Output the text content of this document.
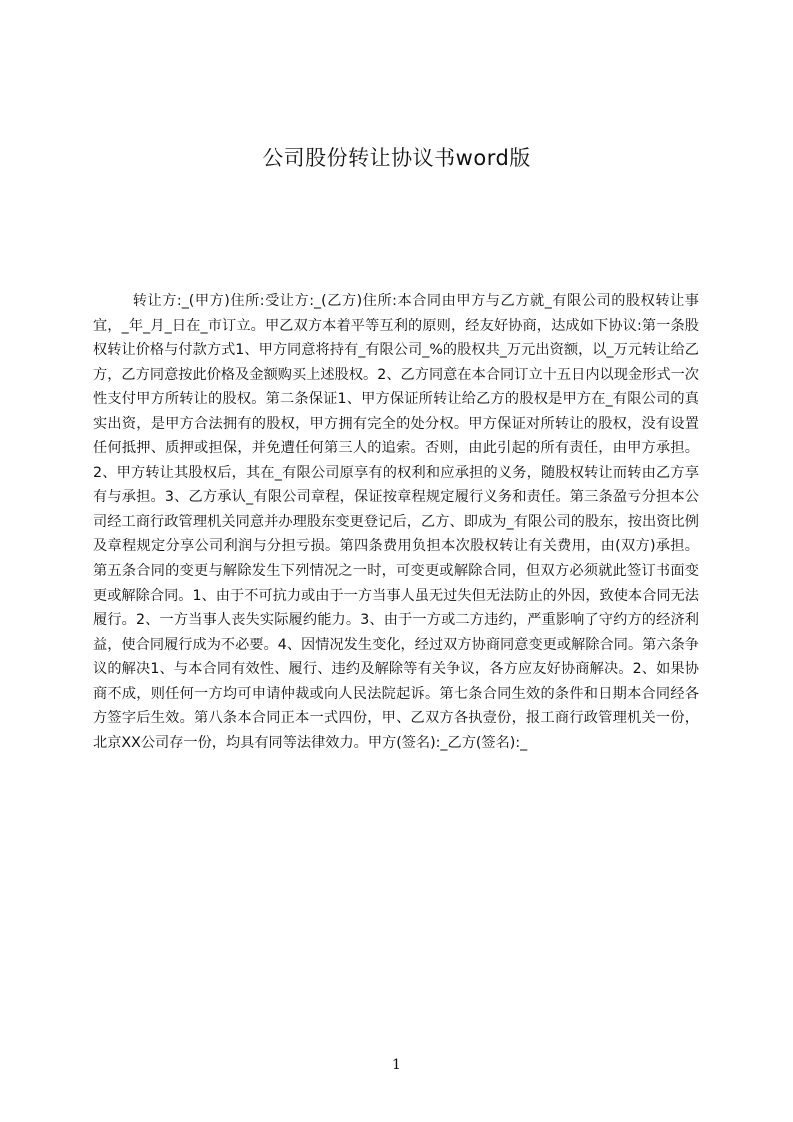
公司股份转让协议书word版

转让方:_(甲方)住所:受让方:_(乙方)住所:本合同由甲方与乙方就_有限公司的股权转让事宜，_年_月_日在_市订立。甲乙双方本着平等互利的原则，经友好协商，达成如下协议:第一条股权转让价格与付款方式1、甲方同意将持有_有限公司_%的股权共_万元出资额，以_万元转让给乙方，乙方同意按此价格及金额购买上述股权。2、乙方同意在本合同订立十五日内以现金形式一次性支付甲方所转让的股权。第二条保证1、甲方保证所转让给乙方的股权是甲方在_有限公司的真实出资，是甲方合法拥有的股权，甲方拥有完全的处分权。甲方保证对所转让的股权，没有设置任何抵押、质押或担保，并免遭任何第三人的追索。否则，由此引起的所有责任，由甲方承担。2、甲方转让其股权后，其在_有限公司原享有的权利和应承担的义务，随股权转让而转由乙方享有与承担。3、乙方承认_有限公司章程，保证按章程规定履行义务和责任。第三条盈亏分担本公司经工商行政管理机关同意并办理股东变更登记后，乙方、即成为_有限公司的股东，按出资比例及章程规定分享公司利润与分担亏损。第四条费用负担本次股权转让有关费用，由(双方)承担。第五条合同的变更与解除发生下列情况之一时，可变更或解除合同，但双方必须就此签订书面变更或解除合同。1、由于不可抗力或由于一方当事人虽无过失但无法防止的外因，致使本合同无法履行。2、一方当事人丧失实际履约能力。3、由于一方或二方违约，严重影响了守约方的经济利益，使合同履行成为不必要。4、因情况发生变化，经过双方协商同意变更或解除合同。第六条争议的解决1、与本合同有效性、履行、违约及解除等有关争议，各方应友好协商解决。2、如果协商不成，则任何一方均可申请仲裁或向人民法院起诉。第七条合同生效的条件和日期本合同经各方签字后生效。第八条本合同正本一式四份，甲、乙双方各执壹份，报工商行政管理机关一份，北京XX公司存一份，均具有同等法律效力。甲方(签名):_乙方(签名):_

1
